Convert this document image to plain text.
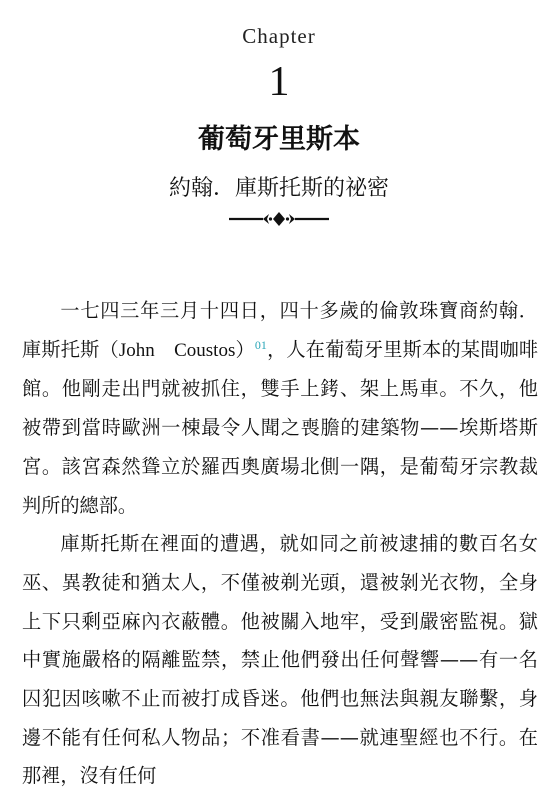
Chapter
1
葡萄牙里斯本
約翰．庫斯托斯的祕密

一七四三年三月十四日，四十多歲的倫敦珠寶商約翰．庫斯托斯（John　Coustos）$^{01}$，人在葡萄牙里斯本的某間咖啡館。他剛走出門就被抓住，雙手上銬、架上馬車。不久，他被帶到當時歐洲一棟最令人聞之喪膽的建築物——埃斯塔斯宮。該宮森然聳立於羅西奧廣場北側一隅，是葡萄牙宗教裁判所的總部。

庫斯托斯在裡面的遭遇，就如同之前被逮捕的數百名女巫、異教徒和猶太人，不僅被剃光頭，還被剝光衣物，全身上下只剩亞麻內衣蔽體。他被關入地牢，受到嚴密監視。獄中實施嚴格的隔離監禁，禁止他們發出任何聲響——有一名囚犯因咳嗽不止而被打成昏迷。他們也無法與親友聯繫，身邊不能有任何私人物品；不准看書——就連聖經也不行。在那裡，沒有任何
